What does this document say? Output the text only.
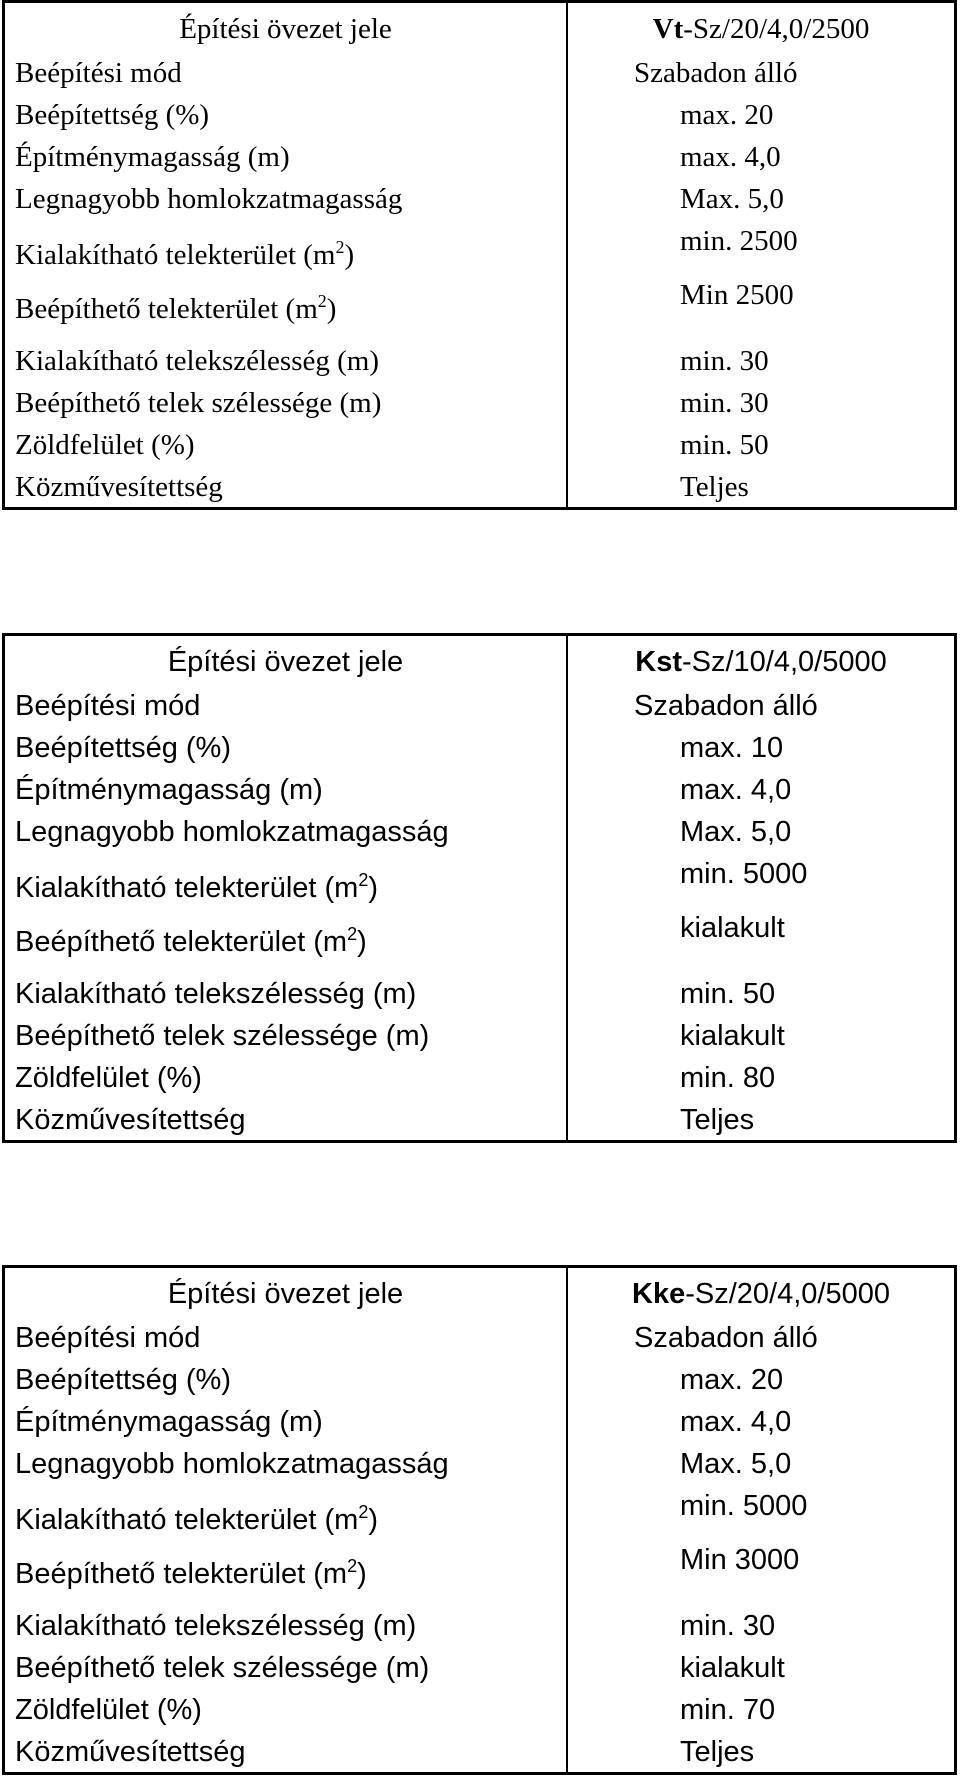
Építési övezet jele	Vt-Sz/20/4,0/2500
Beépítési mód	Szabadon álló
Beépítettség (%)	max. 20
Építménymagasság (m)	max. 4,0
Legnagyobb homlokzatmagasság	Max. 5,0
Kialakítható telekterület $(m^2)$	min. 2500
Beépíthető telekterület $(m^2)$	Min 2500
Kialakítható telekszélesség (m)	min. 30
Beépíthető telek szélessége (m)	min. 30
Zöldfelület (%)	min. 50
Közművesítettség	Teljes
Építési övezet jele	Kst-Sz/10/4,0/5000
Beépítési mód	Szabadon álló
Beépítettség (%)	max. 10
Építménymagasság (m)	max. 4,0
Legnagyobb homlokzatmagasság	Max. 5,0
Kialakítható telekterület $(m^2)$	min. 5000
Beépíthető telekterület $(m^2)$	kialakult
Kialakítható telekszélesség (m)	min. 50
Beépíthető telek szélessége (m)	kialakult
Zöldfelület (%)	min. 80
Közművesítettség	Teljes
Építési övezet jele	Kke-Sz/20/4,0/5000
Beépítési mód	Szabadon álló
Beépítettség (%)	max. 20
Építménymagasság (m)	max. 4,0
Legnagyobb homlokzatmagasság	Max. 5,0
Kialakítható telekterület $(m^2)$	min. 5000
Beépíthető telekterület $(m^2)$	Min 3000
Kialakítható telekszélesség (m)	min. 30
Beépíthető telek szélessége (m)	kialakult
Zöldfelület (%)	min. 70
Közművesítettség	Teljes
